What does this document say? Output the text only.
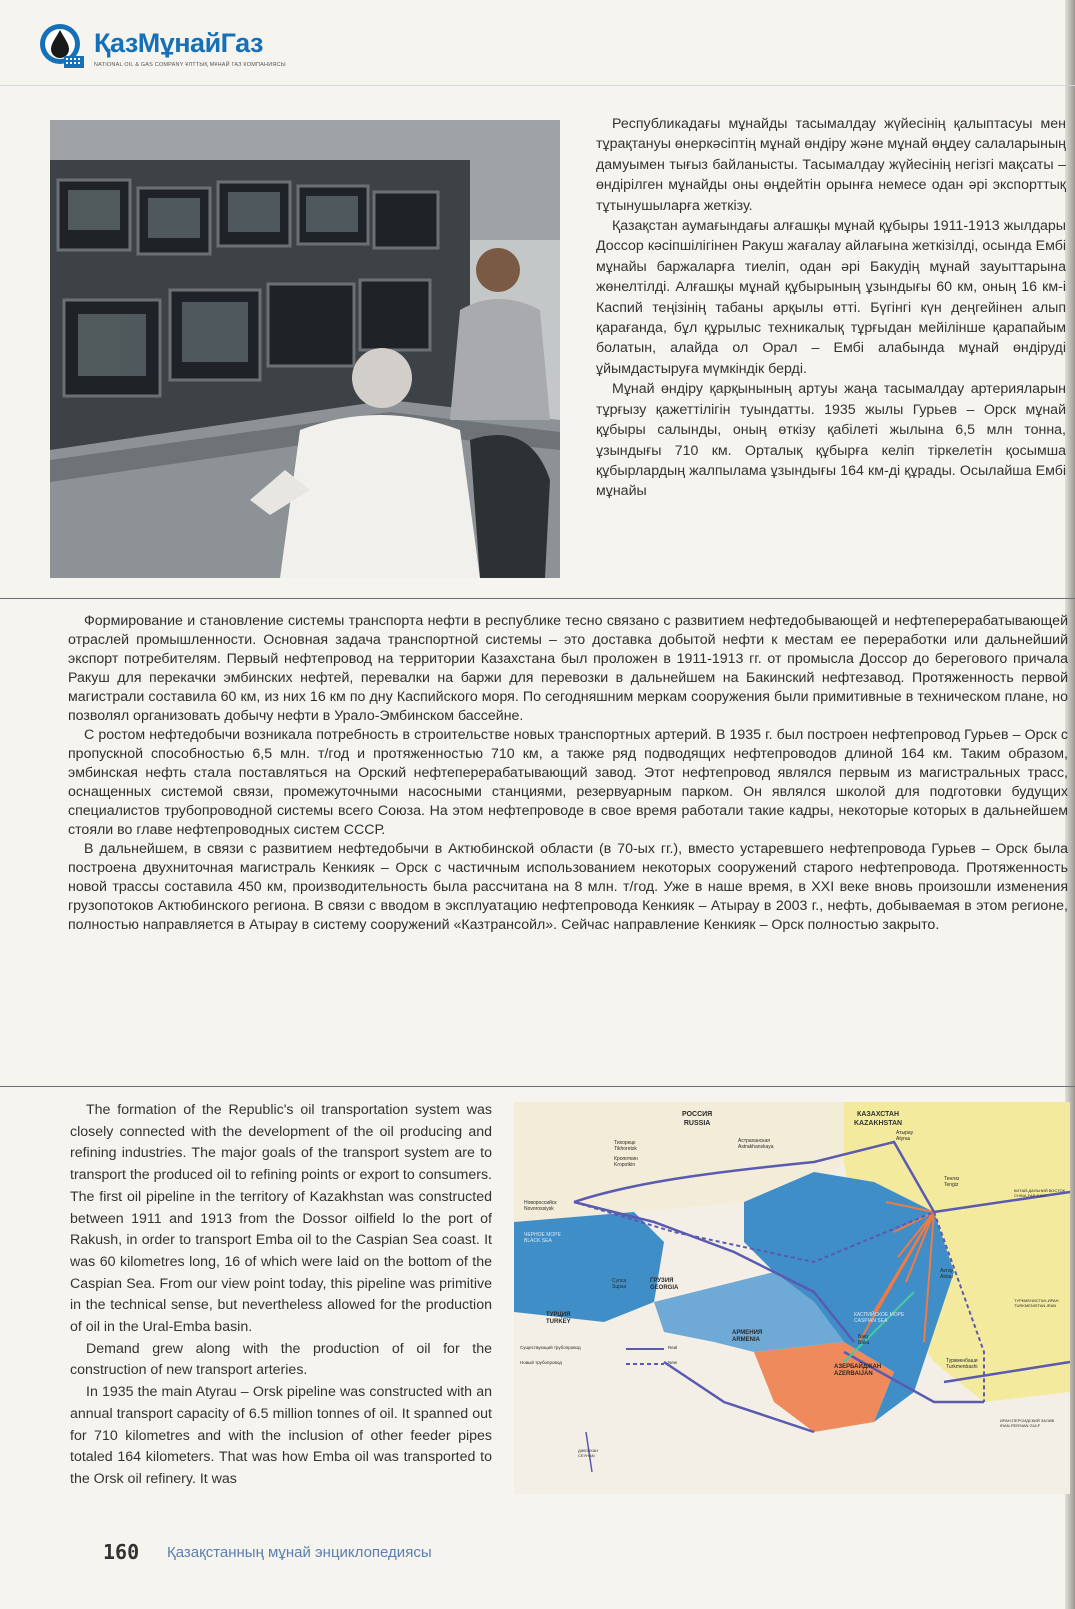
ҚазМұнайГаз
NATIONAL OIL & GAS COMPANY ҰЛТТЫҚ МҰНАЙ ГАЗ КОМПАНИЯСЫ

Республикадағы мұнайды тасымалдау жүйесінің қалыптасуы мен тұрақтануы өнеркәсіптің мұнай өндіру және мұнай өңдеу салаларының дамуымен тығыз байланысты. Тасымалдау жүйесінің негізгі мақсаты – өндірілген мұнайды оны өңдейтін орынға немесе одан әрі экспорттық тұтынушыларға жеткізу.

Қазақстан аумағындағы алғашқы мұнай құбыры 1911-1913 жылдары Доссор кәсіпшілігінен Ракуш жағалау айлағына жеткізілді, осында Ембі мұнайы баржаларға тиеліп, одан әрі Бакудің мұнай зауыттарына жөнелтілді. Алғашқы мұнай құбырының ұзындығы 60 км, оның 16 км-і Каспий теңізінің табаны арқылы өтті. Бүгінгі күн деңгейінен алып қарағанда, бұл құрылыс техникалық тұрғыдан мейілінше қарапайым болатын, алайда ол Орал – Ембі алабында мұнай өндіруді ұйымдастыруға мүмкіндік берді.

Мұнай өндіру қарқынының артуы жаңа тасымалдау артерияларын тұрғызу қажеттілігін туындатты. 1935 жылы Гурьев – Орск мұнай құбыры салынды, оның өткізу қабілеті жылына 6,5 млн тонна, ұзындығы 710 км. Орталық құбырға келіп тіркелетін қосымша құбырлардың жалпылама ұзындығы 164 км-ді құрады. Осылайша Ембі мұнайы

Формирование и становление системы транспорта нефти в республике тесно связано с развитием нефтедобывающей и нефтеперерабатывающей отраслей промышленности. Основная задача транспортной системы – это доставка добытой нефти к местам ее переработки или дальнейший экспорт потребителям. Первый нефтепровод на территории Казахстана был проложен в 1911-1913 гг. от промысла Доссор до берегового причала Ракуш для перекачки эмбинских нефтей, перевалки на баржи для перевозки в дальнейшем на Бакинский нефтезавод. Протяженность первой магистрали составила 60 км, из них 16 км по дну Каспийского моря. По сегодняшним меркам сооружения были примитивные в техническом плане, но позволял организовать добычу нефти в Урало-Эмбинском бассейне.

С ростом нефтедобычи возникала потребность в строительстве новых транспортных артерий. В 1935 г. был построен нефтепровод Гурьев – Орск с пропускной способностью 6,5 млн. т/год и протяженностью 710 км, а также ряд подводящих нефтепроводов длиной 164 км. Таким образом, эмбинская нефть стала поставляться на Орский нефтеперерабатывающий завод. Этот нефтепровод являлся первым из магистральных трасс, оснащенных системой связи, промежуточными насосными станциями, резервуарным парком. Он являлся школой для подготовки будущих специалистов трубопроводной системы всего Союза. На этом нефтепроводе в свое время работали такие кадры, некоторые которых в дальнейшем стояли во главе нефтепроводных систем СССР.

В дальнейшем, в связи с развитием нефтедобычи в Актюбинской области (в 70-ых гг.), вместо устаревшего нефтепровода Гурьев – Орск была построена двухниточная магистраль Кенкияк – Орск с частичным использованием некоторых сооружений старого нефтепровода. Протяженность новой трассы составила 450 км, производительность была рассчитана на 8 млн. т/год. Уже в наше время, в XXI веке вновь произошли изменения грузопотоков Актюбинского региона. В связи с вводом в эксплуатацию нефтепровода Кенкияк – Атырау в 2003 г., нефть, добываемая в этом регионе, полностью направляется в Атырау в систему сооружений «Казтрансойл». Сейчас направление Кенкияк – Орск полностью закрыто.

The formation of the Republic's oil transportation system was closely connected with the development of the oil producing and refining industries. The major goals of the transport system are to transport the produced oil to refining points or export to consumers. The first oil pipeline in the territory of Kazakhstan was constructed between 1911 and 1913 from the Dossor oilfield lo the port of Rakush, in order to transport Emba oil to the Caspian Sea coast. It was 60 kilometres long, 16 of which were laid on the bottom of the Caspian Sea. From our view point today, this pipeline was primitive in the technical sense, but nevertheless allowed for the production of oil in the Ural-Emba basin.

Demand grew along with the production of oil for the construction of new transport arteries.

In 1935 the main Atyrau – Orsk pipeline was constructed with an annual transport capacity of 6.5 million tonnes of oil. It spanned out for 710 kilometres and with the inclusion of other feeder pipes totaled 164 kilometers. That was how Emba oil was transported to the Orsk oil refinery. It was

РОССИЯ
RUSSIA
КАЗАХСТАН
KAZAKHSTAN
Атырау
Atyrau
Тенгиз
Tengiz
Актау
Aktau
Астраханская
Astrakhanskaya
Новороссийск
Novorossiysk
Тихорецк
Tikhoretsk
Кропоткин
Kropotkin
ЧЕРНОЕ МОРЕ
BLACK SEA
Супса
Supsa
ГРУЗИЯ
GEORGIA
ТУРЦИЯ
TURKEY
АРМЕНИЯ
ARMENIA
КАСПИЙСКОЕ МОРЕ
CASPIAN SEA
Баку
Baku
АЗЕРБАЙДЖАН
AZERBAIJAN
Туркменбаши
Turkmenbashi
КИТАЙ-ДАЛЬНИЙ ВОСТОК
CHINA-FAR EAST
ТУРКМЕНИСТАН-ИРАН
TURKMENISTAN-IRAN
ИРАН-ПЕРСИДСКИЙ ЗАЛИВ
IRAN-PERSIAN GULF
ДЖЕЙХАН
CEYHAN
Существующий трубопровод	Real
Новый трубопровод	New
160 Қазақстанның мұнай энциклопедиясы
